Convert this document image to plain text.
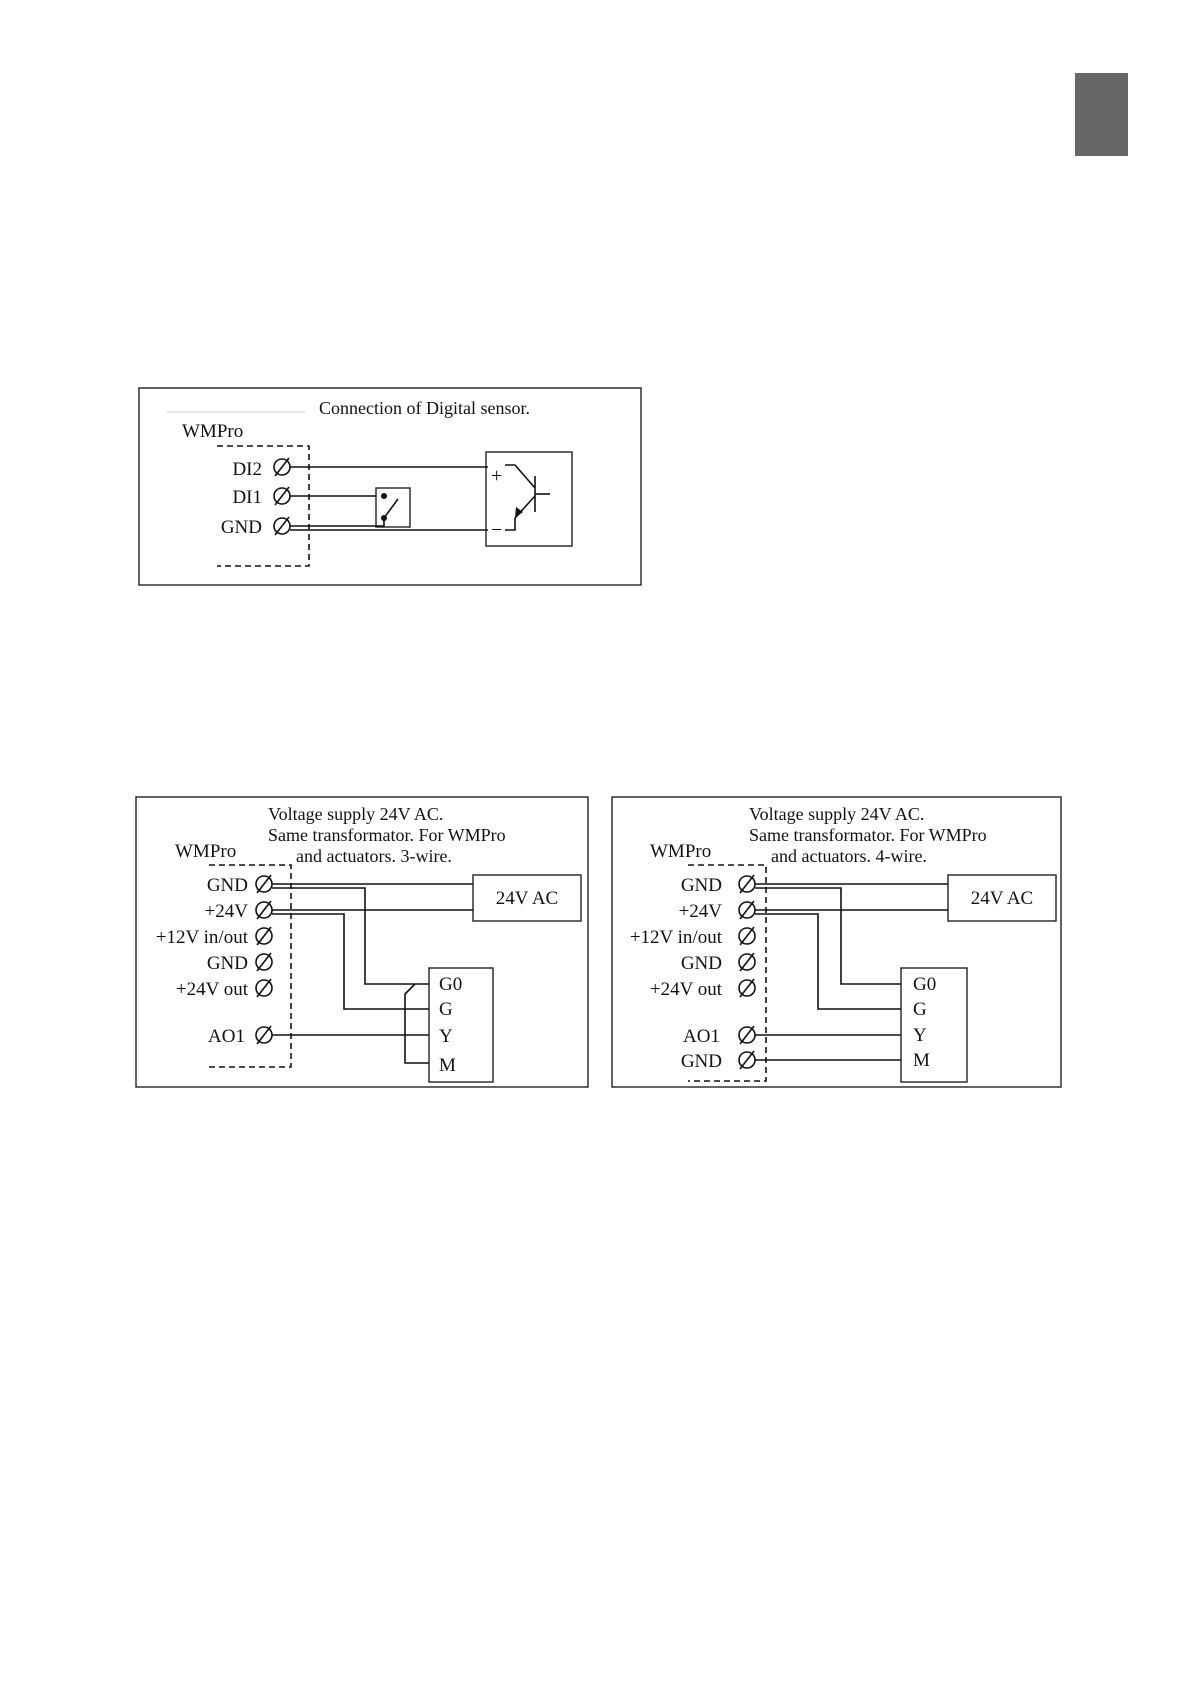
Connection of Digital sensor.
WMPro
DI2
DI1
GND
+
−
Voltage supply 24V AC.
Same transformator. For WMPro
and actuators. 3-wire.
WMPro
GND
+24V
+12V in/out
GND
+24V out
AO1
24V AC
G0
G
Y
M
Voltage supply 24V AC.
Same transformator. For WMPro
and actuators. 4-wire.
WMPro
GND
+24V
+12V in/out
GND
+24V out
AO1
GND
24V AC
G0
G
Y
M
